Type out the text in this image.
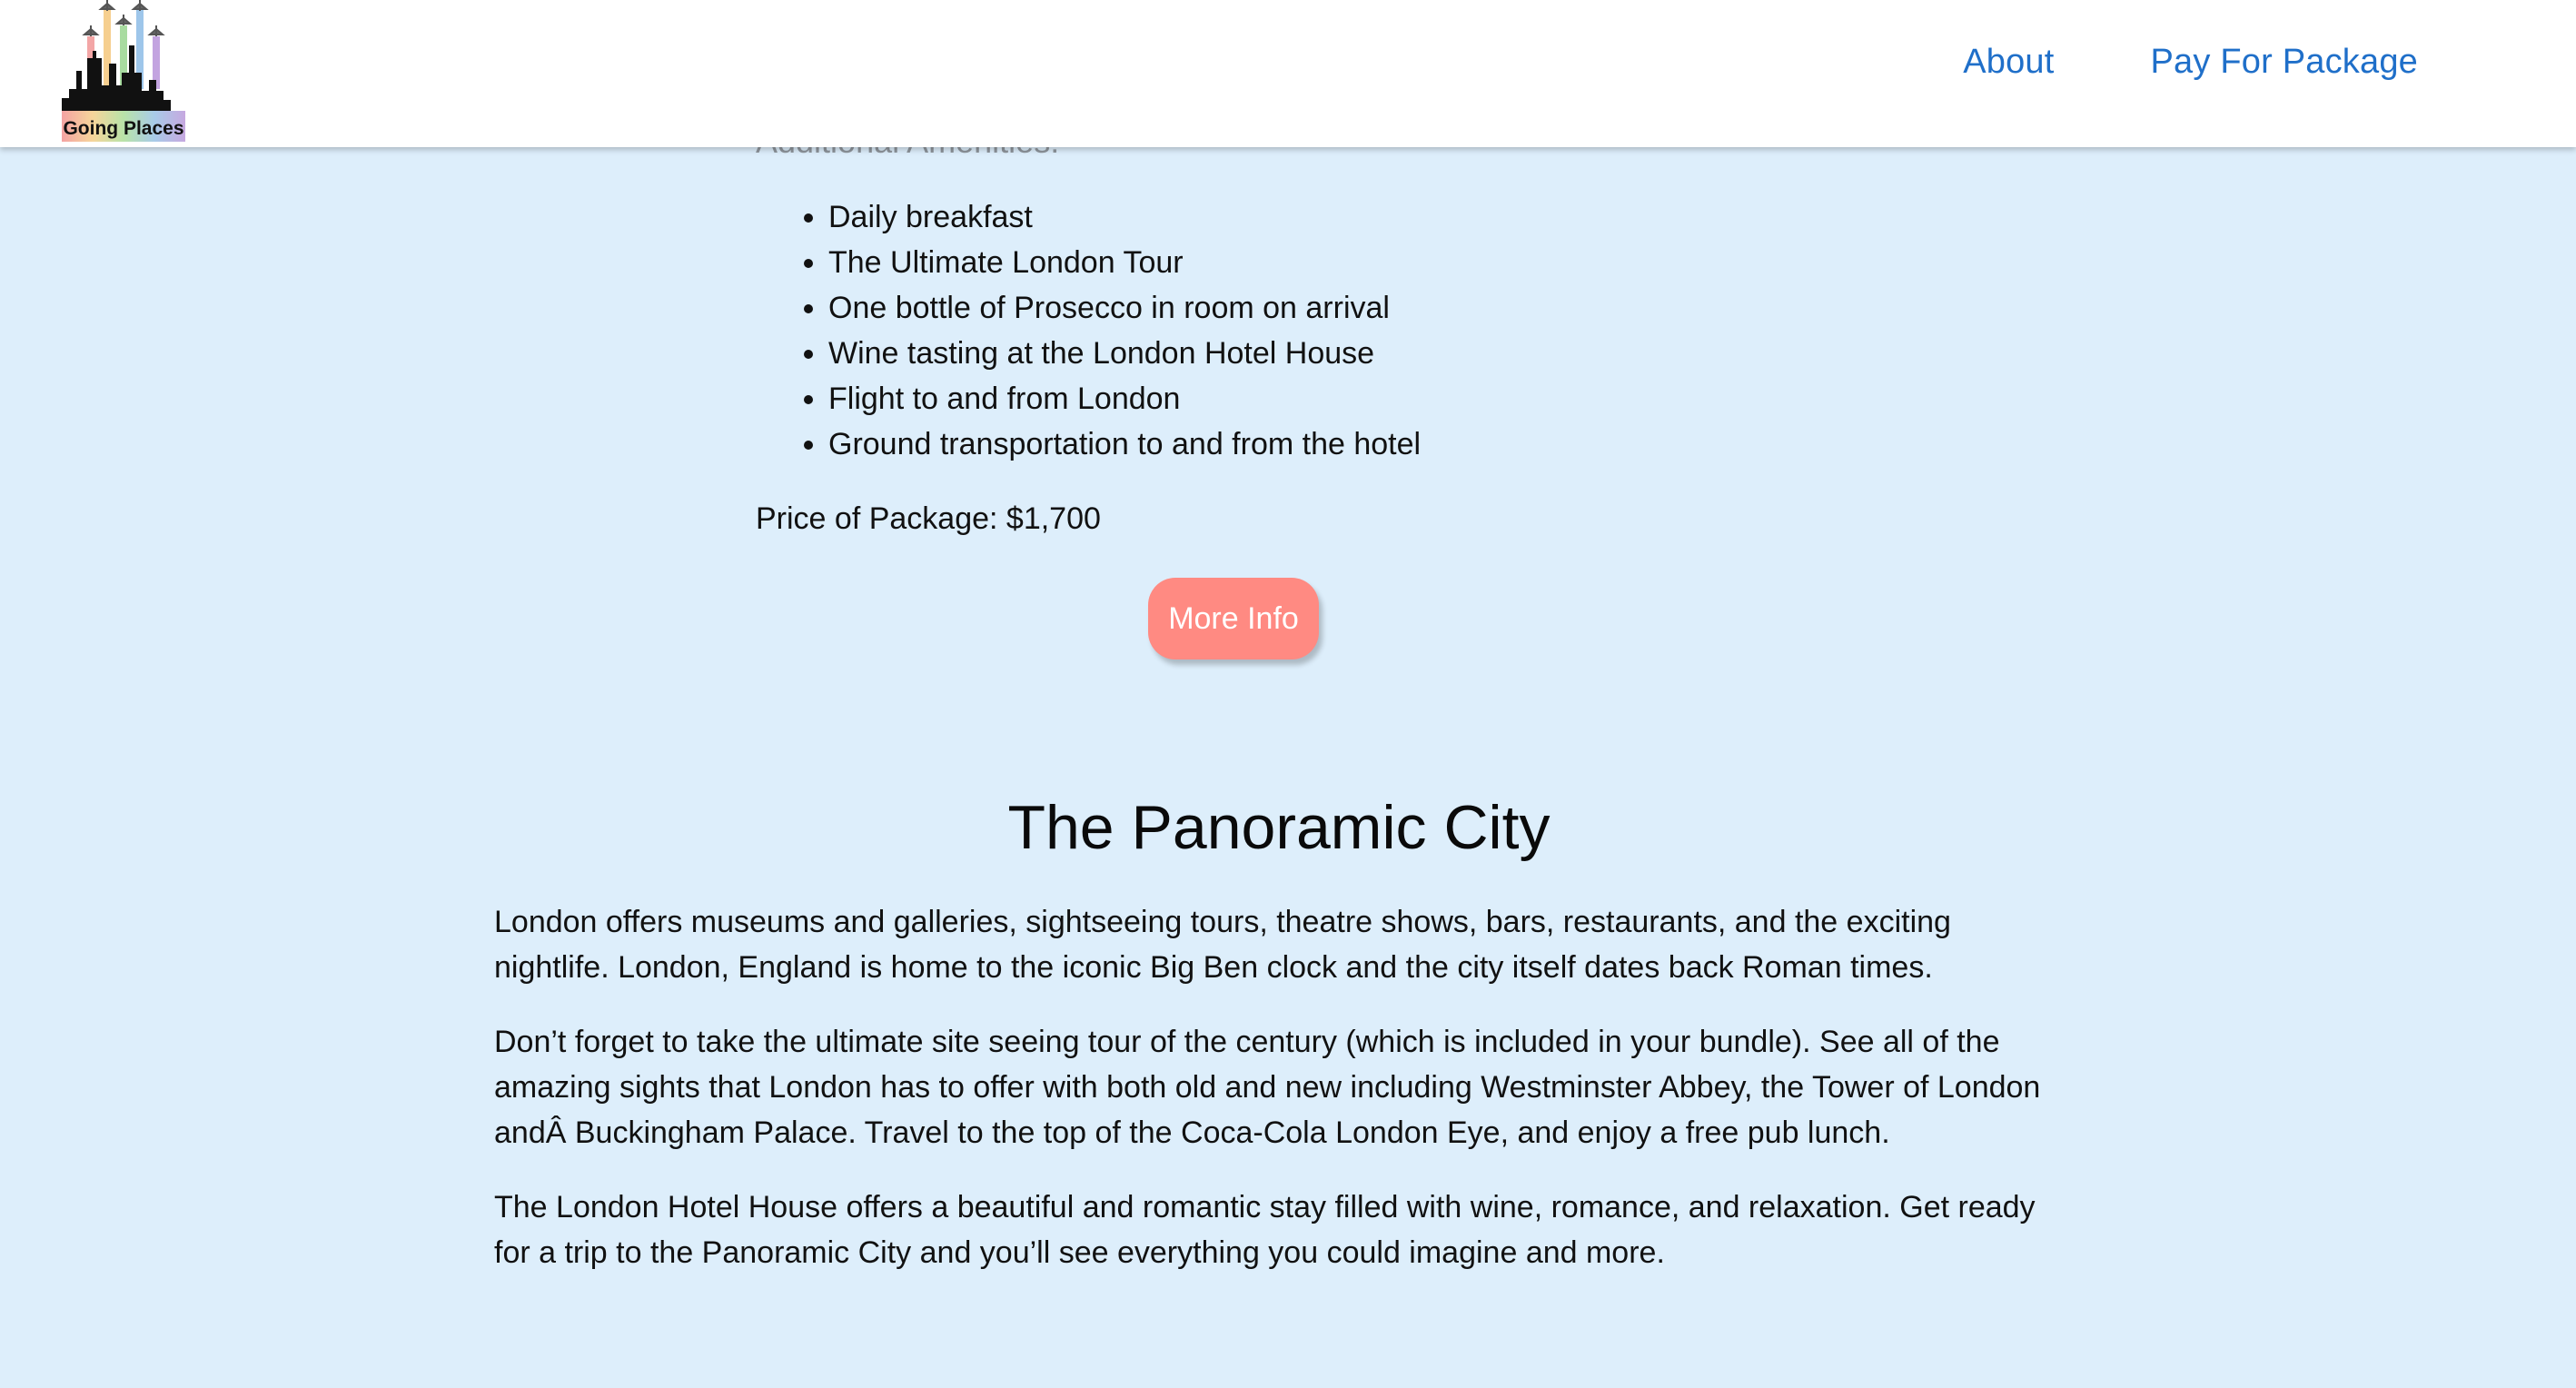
Going Places
About	Pay For Package

• Daily breakfast
• The Ultimate London Tour
• One bottle of Prosecco in room on arrival
• Wine tasting at the London Hotel House
• Flight to and from London
• Ground transportation to and from the hotel

Price of Package: $1,700

More Info
The Panoramic City

London offers museums and galleries, sightseeing tours, theatre shows, bars, restaurants, and the exciting nightlife. London, England is home to the iconic Big Ben clock and the city itself dates back Roman times.

Don’t forget to take the ultimate site seeing tour of the century (which is included in your bundle). See all of the amazing sights that London has to offer with both old and new including Westminster Abbey, the Tower of London andÂ Buckingham Palace. Travel to the top of the Coca-Cola London Eye, and enjoy a free pub lunch.

The London Hotel House offers a beautiful and romantic stay filled with wine, romance, and relaxation. Get ready for a trip to the Panoramic City and you’ll see everything you could imagine and more.
